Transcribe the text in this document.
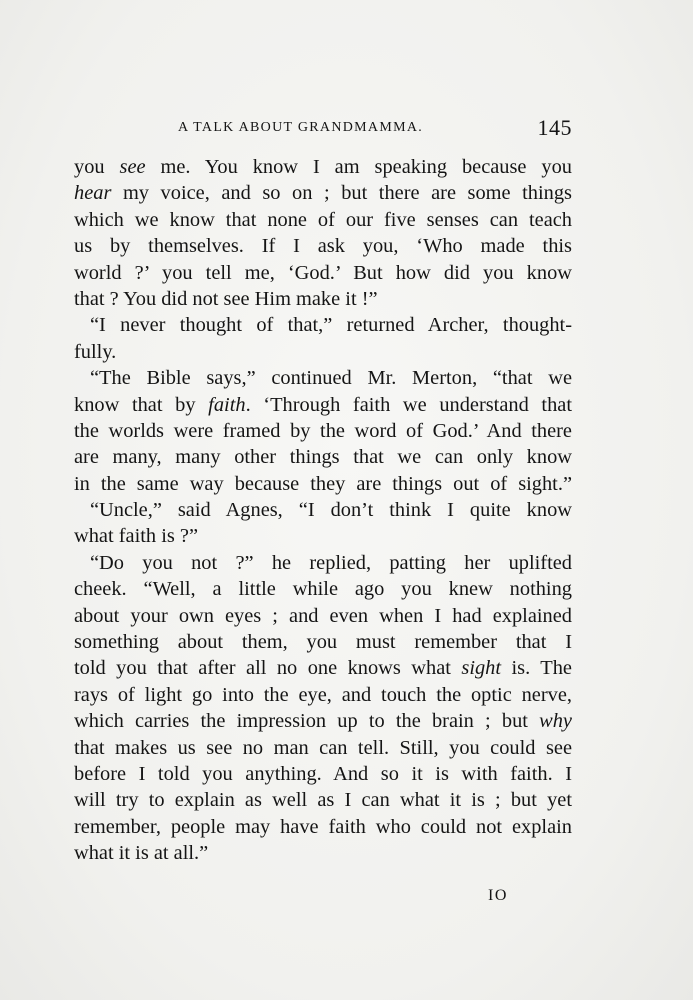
A TALK ABOUT GRANDMAMMA.	145
you see me. You know I am speaking because you
hear my voice, and so on ; but there are some things
which we know that none of our five senses can teach
us by themselves. If I ask you, ‘Who made this
world ?’ you tell me, ‘God.’ But how did you know
that ? You did not see Him make it !”
“I never thought of that,” returned Archer, thought-
fully.
“The Bible says,” continued Mr. Merton, “that we
know that by faith. ‘Through faith we understand that
the worlds were framed by the word of God.’ And there
are many, many other things that we can only know
in the same way because they are things out of sight.”
“Uncle,” said Agnes, “I don’t think I quite know
what faith is ?”
“Do you not ?” he replied, patting her uplifted
cheek. “Well, a little while ago you knew nothing
about your own eyes ; and even when I had explained
something about them, you must remember that I
told you that after all no one knows what sight is. The
rays of light go into the eye, and touch the optic nerve,
which carries the impression up to the brain ; but why
that makes us see no man can tell. Still, you could see
before I told you anything. And so it is with faith. I
will try to explain as well as I can what it is ; but yet
remember, people may have faith who could not explain
what it is at all.”
IO
